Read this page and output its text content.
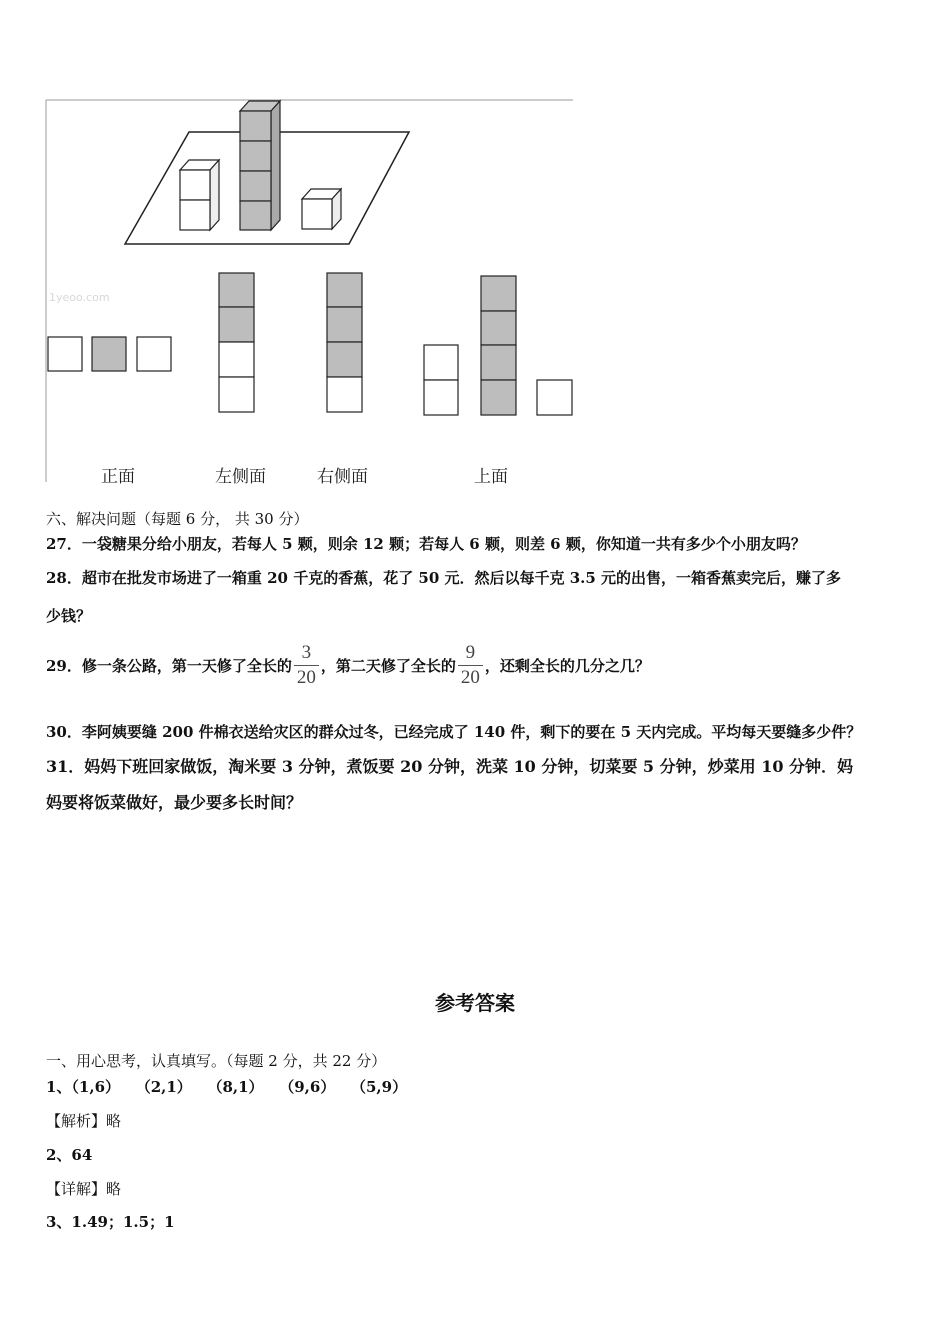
1yeoo.com
正面	左侧面	右侧面	上面
六、解决问题（每题 6 分， 共 30 分）
27．一袋糖果分给小朋友，若每人 5 颗，则余 12 颗；若每人 6 颗，则差 6 颗，你知道一共有多少个小朋友吗？
28．超市在批发市场进了一箱重 20 千克的香蕉，花了 50 元．然后以每千克 3.5 元的出售，一箱香蕉卖完后，赚了多
少钱？
29．修一条公路，第一天修了全长的 $\frac{3}{20}$ ，第二天修了全长的 $\frac{9}{20}$ ，还剩全长的几分之几？
30．李阿姨要缝 200 件棉衣送给灾区的群众过冬，已经完成了 140 件，剩下的要在 5 天内完成。平均每天要缝多少件？
31．妈妈下班回家做饭，淘米要 3 分钟，煮饭要 20 分钟，洗菜 10 分钟，切菜要 5 分钟，炒菜用 10 分钟．妈
妈要将饭菜做好，最少要多长时间？
参考答案
一、用心思考，认真填写。（每题 2 分，共 22 分）
1、（1,6）   （2,1）   （8,1）   （9,6）   （5,9）
【解析】略
2、64
【详解】略
3、1.49；1.5；1
